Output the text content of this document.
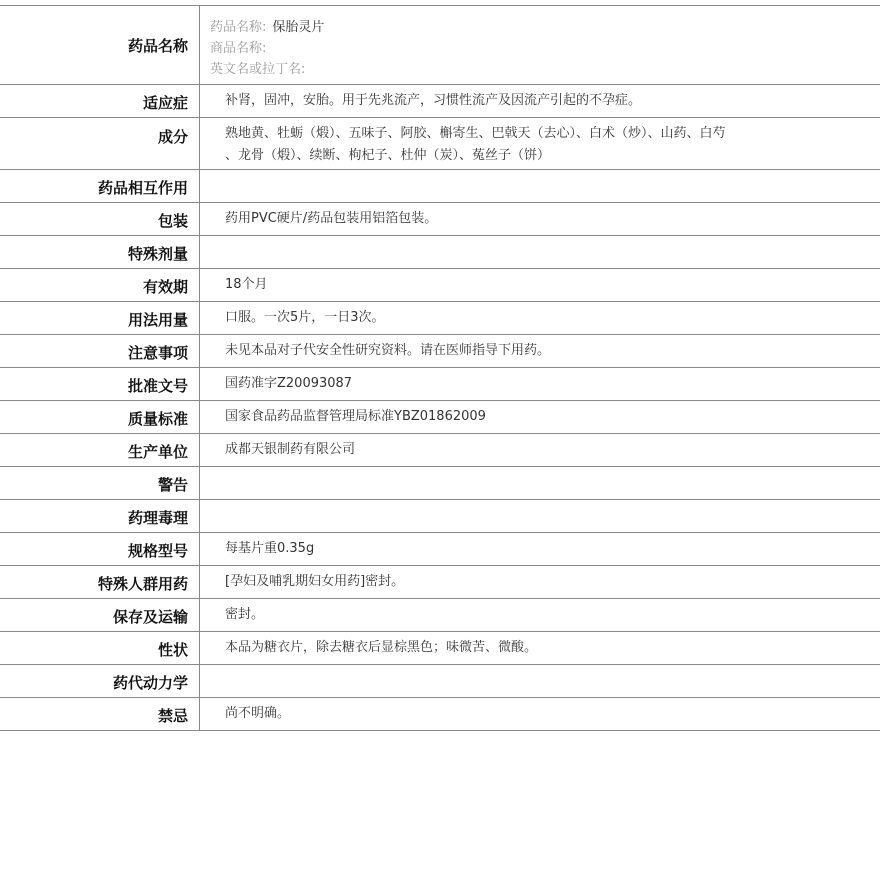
药品名称
药品名称: 保胎灵片
商品名称:
英文名或拉丁名:
适应症	补肾，固冲，安胎。用于先兆流产，习惯性流产及因流产引起的不孕症。
成分	熟地黄、牡蛎（煅）、五味子、阿胶、槲寄生、巴戟天（去心）、白术（炒）、山药、白芍
、龙骨（煅）、续断、枸杞子、杜仲（炭）、菟丝子（饼）
药品相互作用
包装	药用PVC硬片/药品包装用铝箔包装。
特殊剂量
有效期	18个月
用法用量	口服。一次5片，一日3次。
注意事项	未见本品对子代安全性研究资料。请在医师指导下用药。
批准文号	国药准字Z20093087
质量标准	国家食品药品监督管理局标准YBZ01862009
生产单位	成都天银制药有限公司
警告
药理毒理
规格型号	每基片重0.35g
特殊人群用药	[孕妇及哺乳期妇女用药]密封。
保存及运输	密封。
性状	本品为糖衣片，除去糖衣后显棕黑色；味微苦、微酸。
药代动力学
禁忌	尚不明确。
